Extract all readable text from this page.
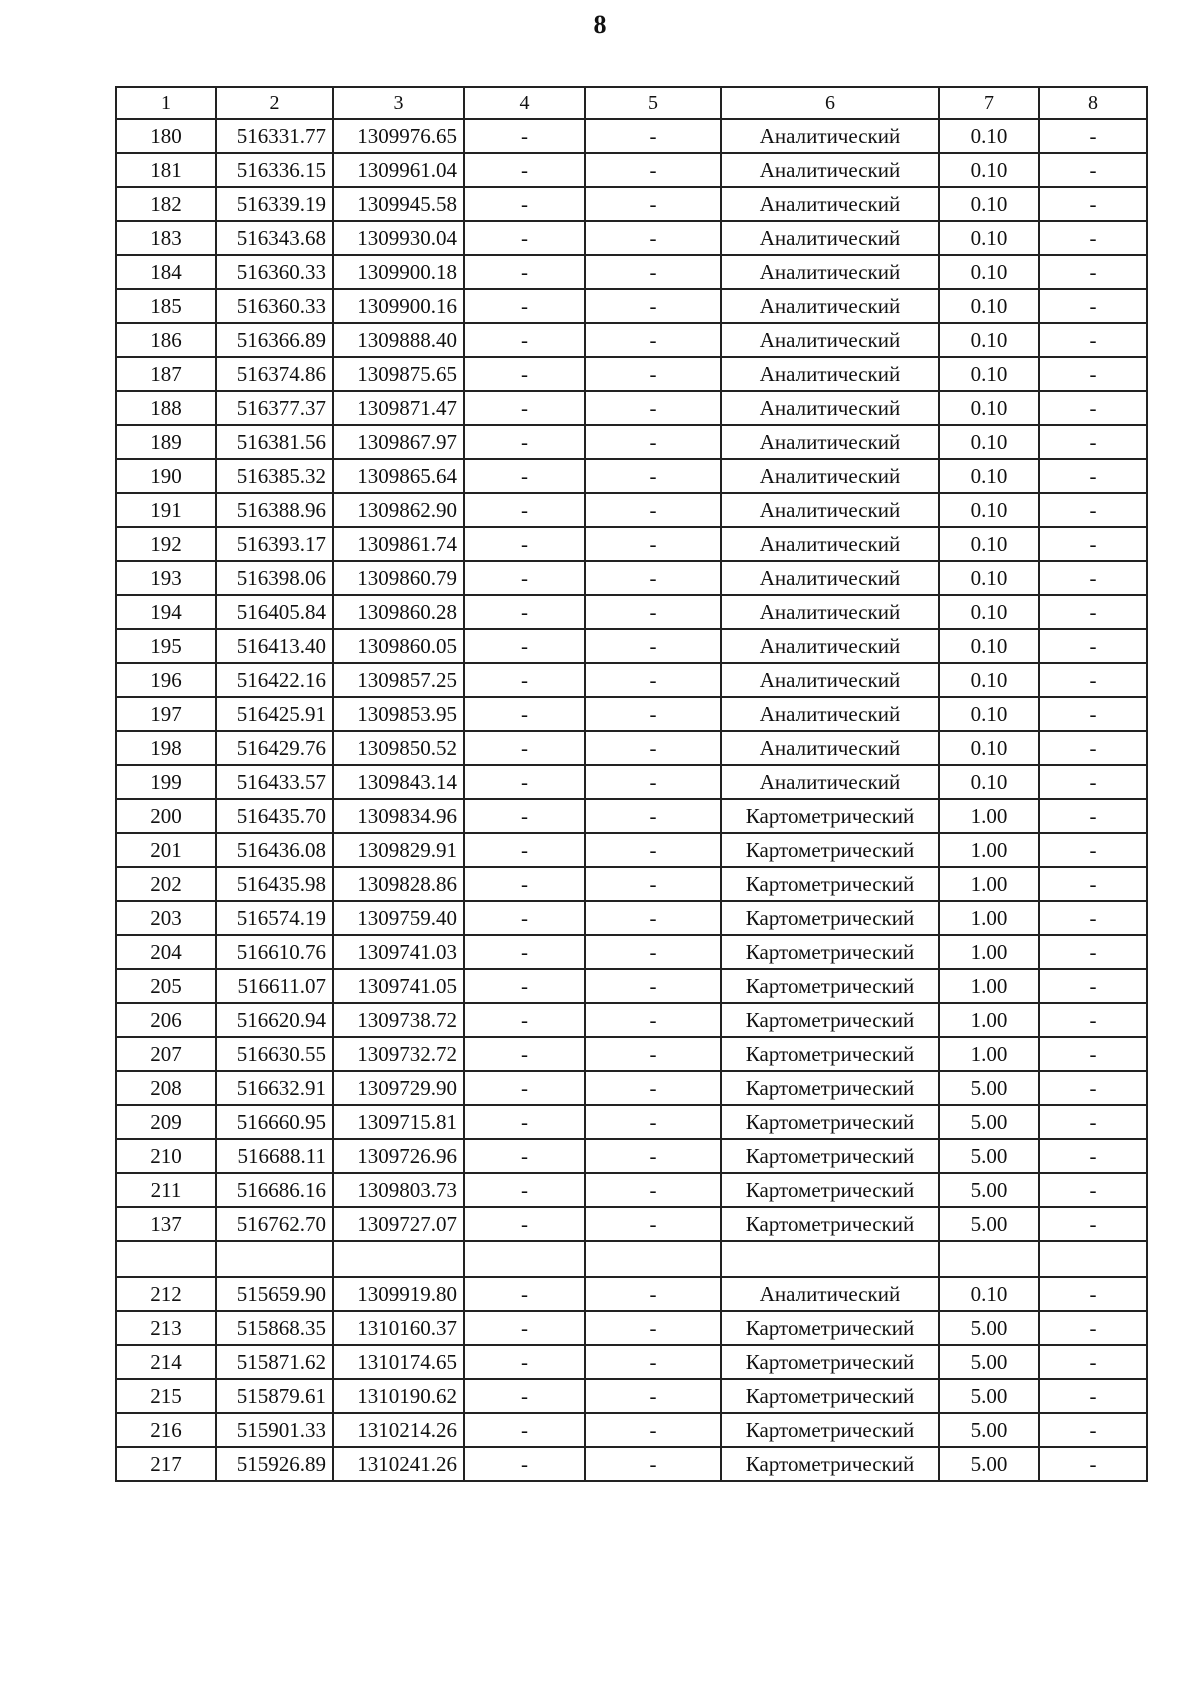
8
1	2	3	4	5	6	7	8
180	516331.77	1309976.65	-	-	Аналитический	0.10	-
181	516336.15	1309961.04	-	-	Аналитический	0.10	-
182	516339.19	1309945.58	-	-	Аналитический	0.10	-
183	516343.68	1309930.04	-	-	Аналитический	0.10	-
184	516360.33	1309900.18	-	-	Аналитический	0.10	-
185	516360.33	1309900.16	-	-	Аналитический	0.10	-
186	516366.89	1309888.40	-	-	Аналитический	0.10	-
187	516374.86	1309875.65	-	-	Аналитический	0.10	-
188	516377.37	1309871.47	-	-	Аналитический	0.10	-
189	516381.56	1309867.97	-	-	Аналитический	0.10	-
190	516385.32	1309865.64	-	-	Аналитический	0.10	-
191	516388.96	1309862.90	-	-	Аналитический	0.10	-
192	516393.17	1309861.74	-	-	Аналитический	0.10	-
193	516398.06	1309860.79	-	-	Аналитический	0.10	-
194	516405.84	1309860.28	-	-	Аналитический	0.10	-
195	516413.40	1309860.05	-	-	Аналитический	0.10	-
196	516422.16	1309857.25	-	-	Аналитический	0.10	-
197	516425.91	1309853.95	-	-	Аналитический	0.10	-
198	516429.76	1309850.52	-	-	Аналитический	0.10	-
199	516433.57	1309843.14	-	-	Аналитический	0.10	-
200	516435.70	1309834.96	-	-	Картометрический	1.00	-
201	516436.08	1309829.91	-	-	Картометрический	1.00	-
202	516435.98	1309828.86	-	-	Картометрический	1.00	-
203	516574.19	1309759.40	-	-	Картометрический	1.00	-
204	516610.76	1309741.03	-	-	Картометрический	1.00	-
205	516611.07	1309741.05	-	-	Картометрический	1.00	-
206	516620.94	1309738.72	-	-	Картометрический	1.00	-
207	516630.55	1309732.72	-	-	Картометрический	1.00	-
208	516632.91	1309729.90	-	-	Картометрический	5.00	-
209	516660.95	1309715.81	-	-	Картометрический	5.00	-
210	516688.11	1309726.96	-	-	Картометрический	5.00	-
211	516686.16	1309803.73	-	-	Картометрический	5.00	-
137	516762.70	1309727.07	-	-	Картометрический	5.00	-

212	515659.90	1309919.80	-	-	Аналитический	0.10	-
213	515868.35	1310160.37	-	-	Картометрический	5.00	-
214	515871.62	1310174.65	-	-	Картометрический	5.00	-
215	515879.61	1310190.62	-	-	Картометрический	5.00	-
216	515901.33	1310214.26	-	-	Картометрический	5.00	-
217	515926.89	1310241.26	-	-	Картометрический	5.00	-
